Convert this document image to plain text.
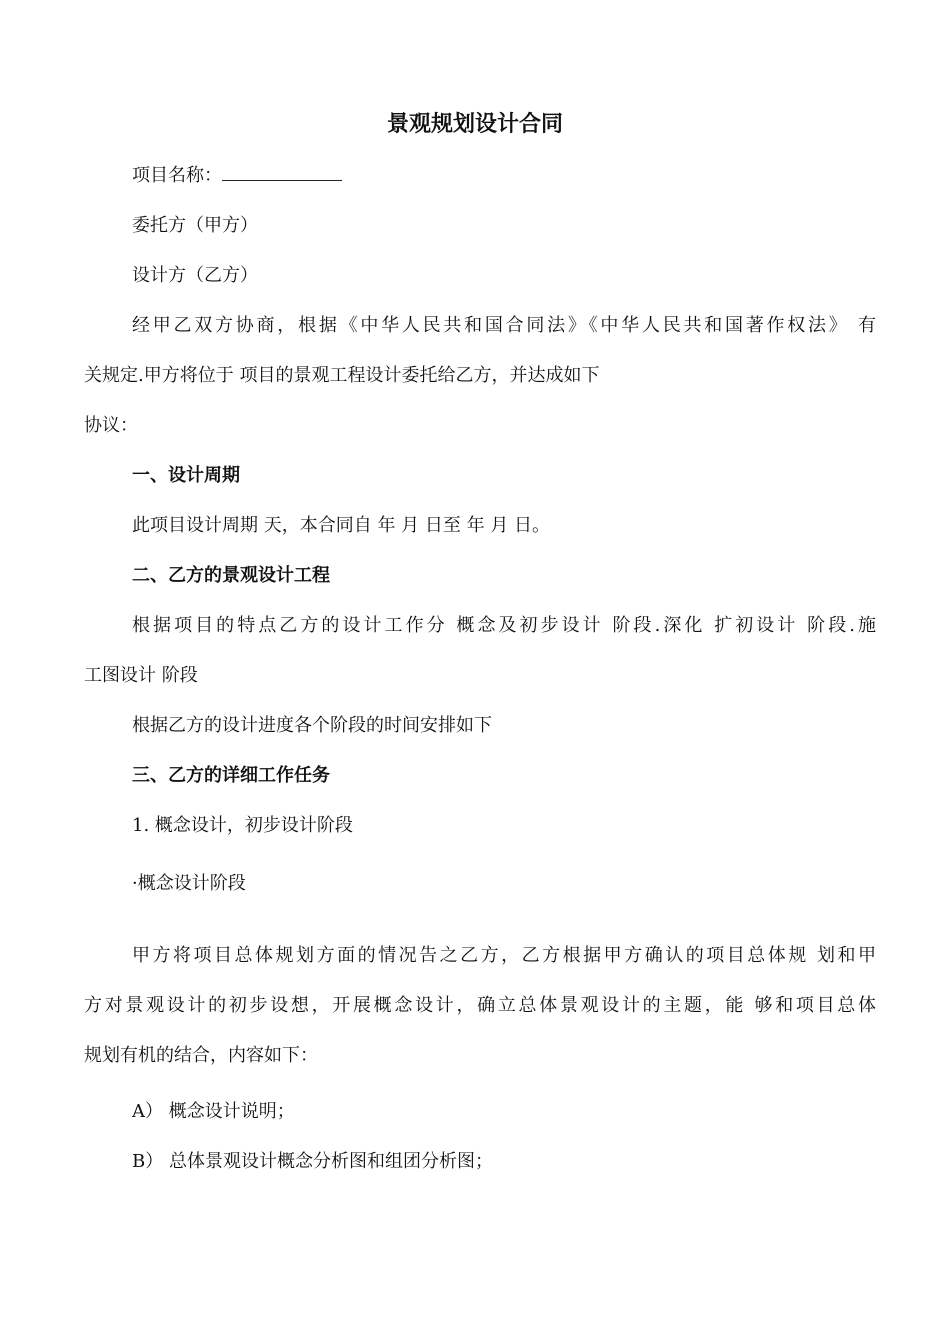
景观规划设计合同
项目名称：
委托方（甲方）
设计方（乙方）
经甲乙双方协商，根据《中华人民共和国合同法》《中华人民共和国著作权法》 有
关规定.甲方将位于 项目的景观工程设计委托给乙方，并达成如下
协议：
一、设计周期
此项目设计周期 天，本合同自 年 月 日至 年 月 日。
二、乙方的景观设计工程
根据项目的特点乙方的设计工作分 概念及初步设计 阶段.深化 扩初设计 阶段.施
工图设计 阶段
根据乙方的设计进度各个阶段的时间安排如下
三、乙方的详细工作任务
1. 概念设计，初步设计阶段
·概念设计阶段
甲方将项目总体规划方面的情况告之乙方，乙方根据甲方确认的项目总体规 划和甲
方对景观设计的初步设想，开展概念设计，确立总体景观设计的主题，能 够和项目总体
规划有机的结合，内容如下：
A） 概念设计说明；
B） 总体景观设计概念分析图和组团分析图；
